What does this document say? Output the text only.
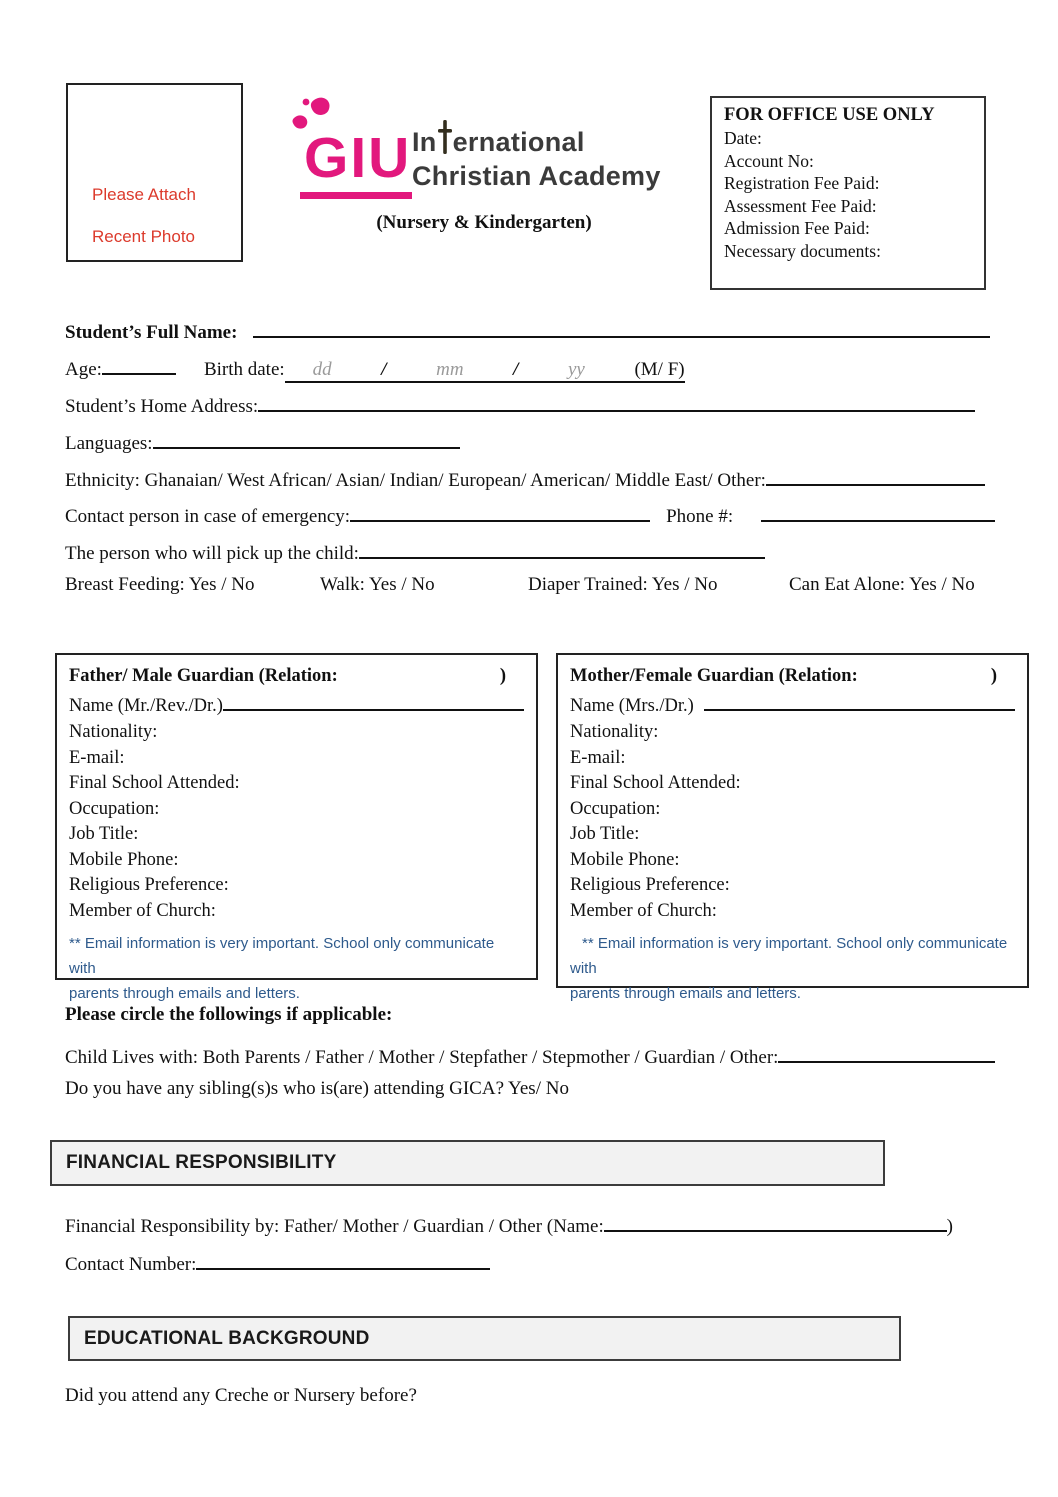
Please Attach
Recent Photo
GIU In ernational
Christian Academy
(Nursery & Kindergarten)
FOR OFFICE USE ONLY
Date:
Account No:
Registration Fee Paid:
Assessment Fee Paid:
Admission Fee Paid:
Necessary documents:
Student’s Full Name:
Age:	Birth date: dd	/	mm	/	yy	(M/ F)
Student’s Home Address:
Languages:
Ethnicity: Ghanaian/ West African/ Asian/ Indian/ European/ American/ Middle East/ Other:
Contact person in case of emergency:	Phone #:
The person who will pick up the child:
Breast Feeding: Yes / No	Walk: Yes / No	Diaper Trained: Yes / No	Can Eat Alone: Yes / No
Father/ Male Guardian (Relation:	)
Name (Mr./Rev./Dr.)
Nationality:
E-mail:
Final School Attended:
Occupation:
Job Title:
Mobile Phone:
Religious Preference:
Member of Church:
** Email information is very important. School only communicate with
parents through emails and letters.
Mother/Female Guardian (Relation:	)
Name (Mrs./Dr.)
Nationality:
E-mail:
Final School Attended:
Occupation:
Job Title:
Mobile Phone:
Religious Preference:
Member of Church:
** Email information is very important. School only communicate with
parents through emails and letters.
Please circle the followings if applicable:
Child Lives with: Both Parents / Father / Mother / Stepfather / Stepmother / Guardian / Other:
Do you have any sibling(s)s who is(are) attending GICA? Yes/ No
FINANCIAL RESPONSIBILITY
Financial Responsibility by: Father/ Mother / Guardian / Other (Name:	)
Contact Number:
EDUCATIONAL BACKGROUND
Did you attend any Creche or Nursery before?
